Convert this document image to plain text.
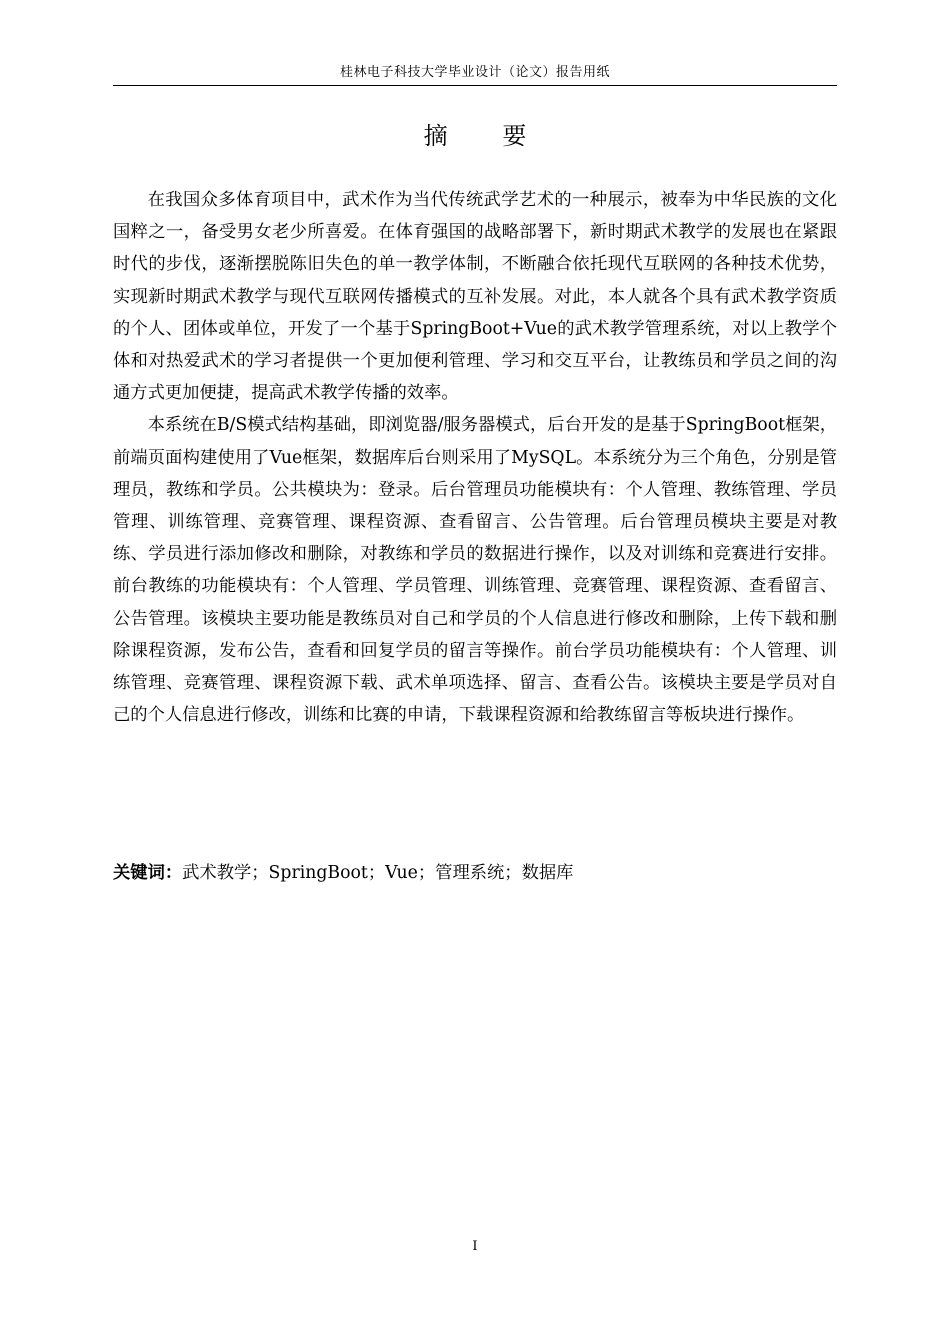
桂林电子科技大学毕业设计（论文）报告用纸
摘 要

在我国众多体育项目中，武术作为当代传统武学艺术的一种展示，被奉为中华民族的文化国粹之一，备受男女老少所喜爱。在体育强国的战略部署下，新时期武术教学的发展也在紧跟时代的步伐，逐渐摆脱陈旧失色的单一教学体制，不断融合依托现代互联网的各种技术优势，实现新时期武术教学与现代互联网传播模式的互补发展。对此，本人就各个具有武术教学资质的个人、团体或单位，开发了一个基于SpringBoot+Vue的武术教学管理系统，对以上教学个体和对热爱武术的学习者提供一个更加便利管理、学习和交互平台，让教练员和学员之间的沟通方式更加便捷，提高武术教学传播的效率。

本系统在B/S模式结构基础，即浏览器/服务器模式，后台开发的是基于SpringBoot框架，前端页面构建使用了Vue框架，数据库后台则采用了MySQL。本系统分为三个角色，分别是管理员，教练和学员。公共模块为：登录。后台管理员功能模块有：个人管理、教练管理、学员管理、训练管理、竞赛管理、课程资源、查看留言、公告管理。后台管理员模块主要是对教练、学员进行添加修改和删除，对教练和学员的数据进行操作，以及对训练和竞赛进行安排。前台教练的功能模块有：个人管理、学员管理、训练管理、竞赛管理、课程资源、查看留言、公告管理。该模块主要功能是教练员对自己和学员的个人信息进行修改和删除，上传下载和删除课程资源，发布公告，查看和回复学员的留言等操作。前台学员功能模块有：个人管理、训练管理、竞赛管理、课程资源下载、武术单项选择、留言、查看公告。该模块主要是学员对自己的个人信息进行修改，训练和比赛的申请，下载课程资源和给教练留言等板块进行操作。

关键词：武术教学；SpringBoot；Vue；管理系统；数据库
I
